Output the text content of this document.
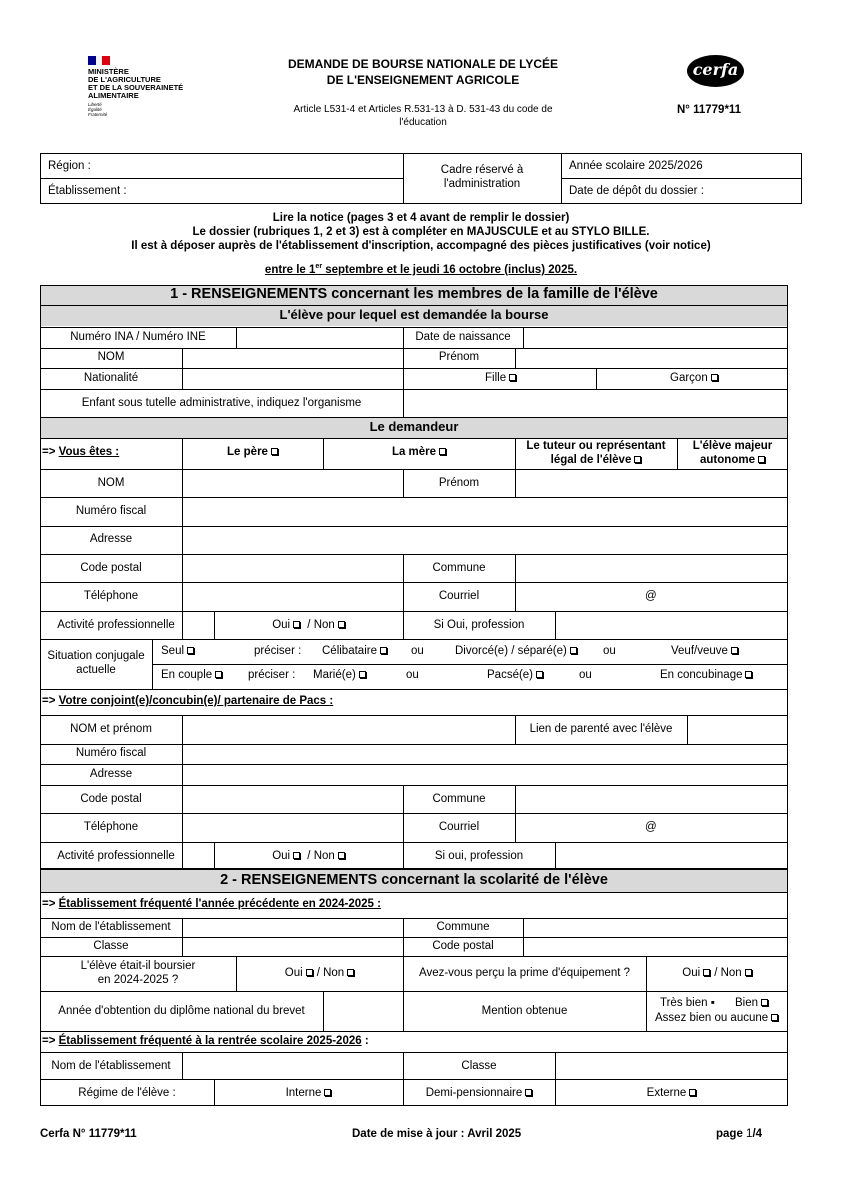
MINISTÈRE
DE L'AGRICULTURE
ET DE LA SOUVERAINETÉ
ALIMENTAIRE
Liberté
Égalité
Fraternité
DEMANDE DE BOURSE NATIONALE DE LYCÉE
DE L'ENSEIGNEMENT AGRICOLE
Article L531-4 et Articles R.531-13 à D. 531-43 du code de
l'éducation
cerfa
N° 11779*11
Région :
Établissement :
Cadre réservé à
l'administration
Année scolaire 2025/2026
Date de dépôt du dossier :
Lire la notice (pages 3 et 4 avant de remplir le dossier)
Le dossier (rubriques 1, 2 et 3) est à compléter en MAJUSCULE et au STYLO BILLE.
Il est à déposer auprès de l'établissement d'inscription, accompagné des pièces justificatives (voir notice)
entre le 1er septembre et le jeudi 16 octobre (inclus) 2025.
1 - RENSEIGNEMENTS concernant les membres de la famille de l'élève
L'élève pour lequel est demandée la bourse
Numéro INA / Numéro INE	Date de naissance
NOM	Prénom
Nationalité	Fille	Garçon
Enfant sous tutelle administrative, indiquez l'organisme
Le demandeur
=> Vous êtes :	Le père	La mère	Le tuteur ou représentant
légal de l'élève
L'élève majeur
autonome
NOM	Prénom
Numéro fiscal
Adresse
Code postal	Commune
Téléphone	Courriel	@
Activité professionnelle	Oui / Non	Si Oui, profession
Situation conjugale
actuelle
Seul	préciser : Célibataire	ou	Divorcé(e) / séparé(e)	ou	Veuf/veuve
En couple	préciser : Marié(e)	ou	Pacsé(e)	ou	En concubinage
=> Votre conjoint(e)/concubin(e)/ partenaire de Pacs :
NOM et prénom	Lien de parenté avec l'élève
Numéro fiscal
Adresse
Code postal	Commune
Téléphone	Courriel	@
Activité professionnelle	Oui / Non	Si oui, profession
2 - RENSEIGNEMENTS concernant la scolarité de l'élève
=> Établissement fréquenté l'année précédente en 2024-2025 :
Nom de l'établissement	Commune
Classe	Code postal
L'élève était-il boursier
en 2024-2025 ?
Oui / Non	Avez-vous perçu la prime d'équipement ?	Oui / Non
Année d'obtention du diplôme national du brevet	Mention obtenue
Très bien ▪ Bien
Assez bien ou aucune
=> Établissement fréquenté à la rentrée scolaire 2025-2026 :
Nom de l'établissement	Classe
Régime de l'élève :	Interne	Demi-pensionnaire	Externe
Cerfa N° 11779*11	Date de mise à jour : Avril 2025	page 1/4
